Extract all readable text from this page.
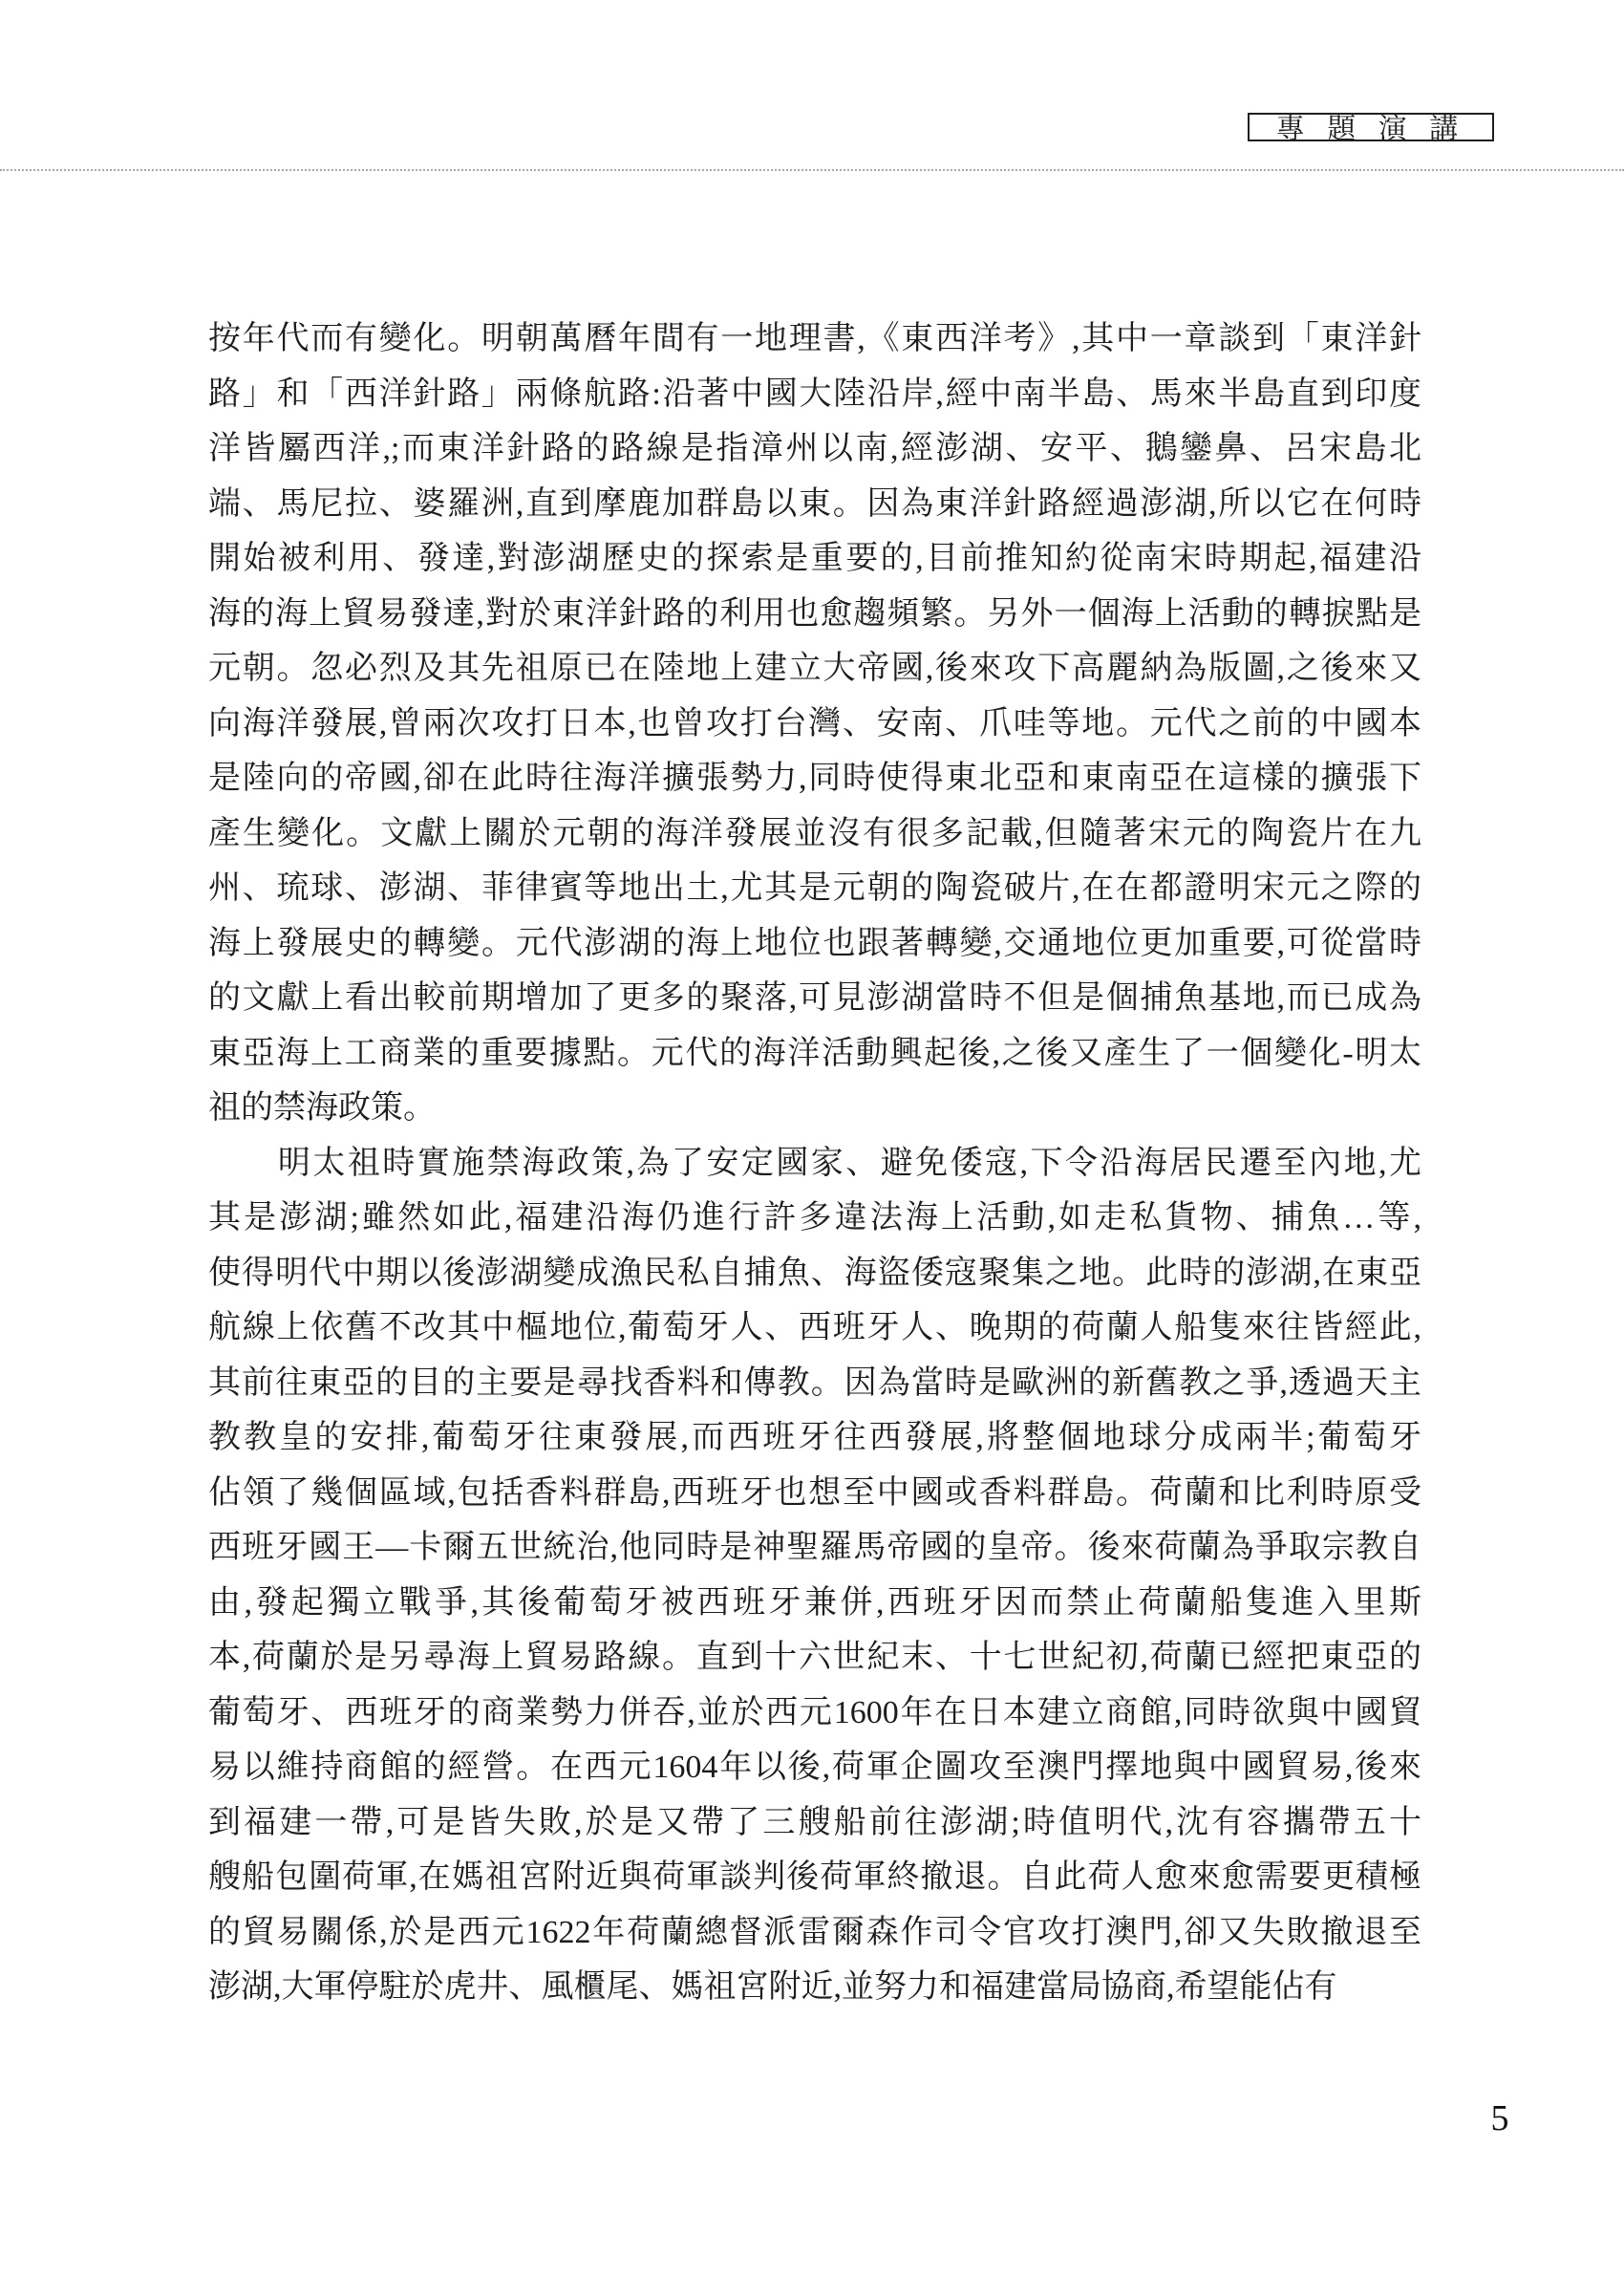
專 題 演 講
按年代而有變化。明朝萬曆年間有一地理書,《東西洋考》,其中一章談到「東洋針
路」和「西洋針路」兩條航路:沿著中國大陸沿岸,經中南半島、馬來半島直到印度
洋皆屬西洋,;而東洋針路的路線是指漳州以南,經澎湖、安平、鵝鑾鼻、呂宋島北
端、馬尼拉、婆羅洲,直到摩鹿加群島以東。因為東洋針路經過澎湖,所以它在何時
開始被利用、發達,對澎湖歷史的探索是重要的,目前推知約從南宋時期起,福建沿
海的海上貿易發達,對於東洋針路的利用也愈趨頻繁。另外一個海上活動的轉捩點是
元朝。忽必烈及其先祖原已在陸地上建立大帝國,後來攻下高麗納為版圖,之後來又
向海洋發展,曾兩次攻打日本,也曾攻打台灣、安南、爪哇等地。元代之前的中國本
是陸向的帝國,卻在此時往海洋擴張勢力,同時使得東北亞和東南亞在這樣的擴張下
產生變化。文獻上關於元朝的海洋發展並沒有很多記載,但隨著宋元的陶瓷片在九
州、琉球、澎湖、菲律賓等地出土,尤其是元朝的陶瓷破片,在在都證明宋元之際的
海上發展史的轉變。元代澎湖的海上地位也跟著轉變,交通地位更加重要,可從當時
的文獻上看出較前期增加了更多的聚落,可見澎湖當時不但是個捕魚基地,而已成為
東亞海上工商業的重要據點。元代的海洋活動興起後,之後又產生了一個變化-明太
祖的禁海政策。
　　明太祖時實施禁海政策,為了安定國家、避免倭寇,下令沿海居民遷至內地,尤
其是澎湖;雖然如此,福建沿海仍進行許多違法海上活動,如走私貨物、捕魚…等,
使得明代中期以後澎湖變成漁民私自捕魚、海盜倭寇聚集之地。此時的澎湖,在東亞
航線上依舊不改其中樞地位,葡萄牙人、西班牙人、晚期的荷蘭人船隻來往皆經此,
其前往東亞的目的主要是尋找香料和傳教。因為當時是歐洲的新舊教之爭,透過天主
教教皇的安排,葡萄牙往東發展,而西班牙往西發展,將整個地球分成兩半;葡萄牙
佔領了幾個區域,包括香料群島,西班牙也想至中國或香料群島。荷蘭和比利時原受
西班牙國王—卡爾五世統治,他同時是神聖羅馬帝國的皇帝。後來荷蘭為爭取宗教自
由,發起獨立戰爭,其後葡萄牙被西班牙兼併,西班牙因而禁止荷蘭船隻進入里斯
本,荷蘭於是另尋海上貿易路線。直到十六世紀末、十七世紀初,荷蘭已經把東亞的
葡萄牙、西班牙的商業勢力併吞,並於西元1600年在日本建立商館,同時欲與中國貿
易以維持商館的經營。在西元1604年以後,荷軍企圖攻至澳門擇地與中國貿易,後來
到福建一帶,可是皆失敗,於是又帶了三艘船前往澎湖;時值明代,沈有容攜帶五十
艘船包圍荷軍,在媽祖宮附近與荷軍談判後荷軍終撤退。自此荷人愈來愈需要更積極
的貿易關係,於是西元1622年荷蘭總督派雷爾森作司令官攻打澳門,卻又失敗撤退至
澎湖,大軍停駐於虎井、風櫃尾、媽祖宮附近,並努力和福建當局協商,希望能佔有
5
